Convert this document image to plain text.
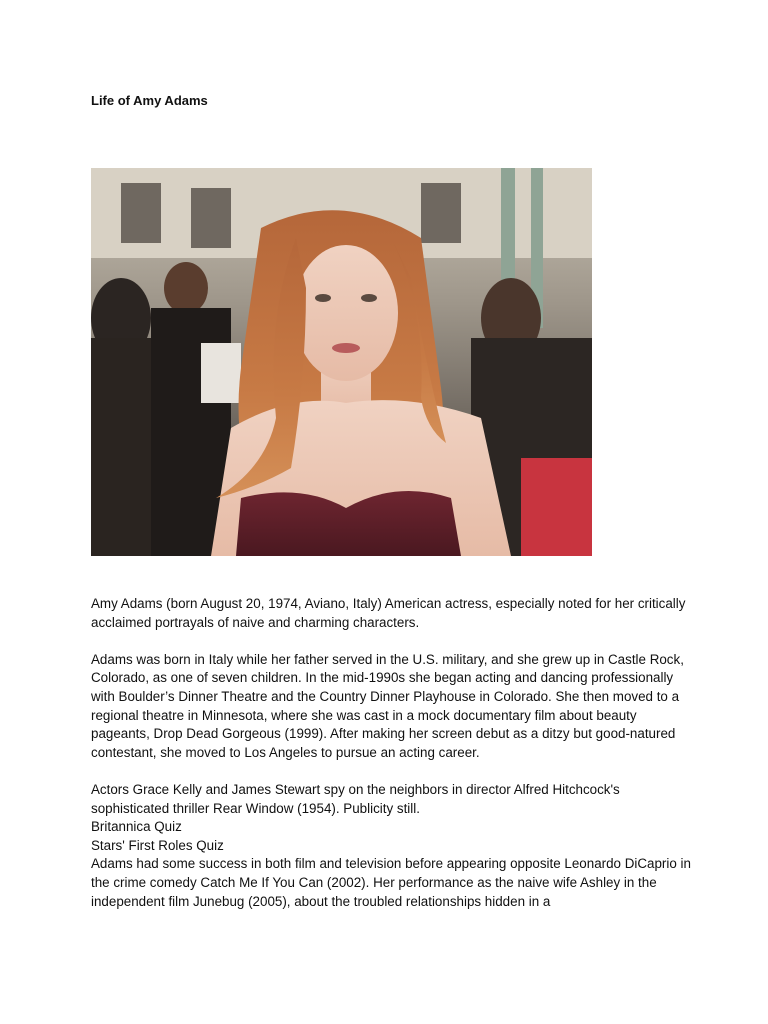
Life of Amy Adams

Amy Adams (born August 20, 1974, Aviano, Italy) American actress, especially noted for her critically acclaimed portrayals of naive and charming characters.

Adams was born in Italy while her father served in the U.S. military, and she grew up in Castle Rock, Colorado, as one of seven children. In the mid-1990s she began acting and dancing professionally with Boulder’s Dinner Theatre and the Country Dinner Playhouse in Colorado. She then moved to a regional theatre in Minnesota, where she was cast in a mock documentary film about beauty pageants, Drop Dead Gorgeous (1999). After making her screen debut as a ditzy but good-natured contestant, she moved to Los Angeles to pursue an acting career.

Actors Grace Kelly and James Stewart spy on the neighbors in director Alfred Hitchcock's sophisticated thriller Rear Window (1954). Publicity still.

Britannica Quiz

Stars' First Roles Quiz

Adams had some success in both film and television before appearing opposite Leonardo DiCaprio in the crime comedy Catch Me If You Can (2002). Her performance as the naive wife Ashley in the independent film Junebug (2005), about the troubled relationships hidden in a
